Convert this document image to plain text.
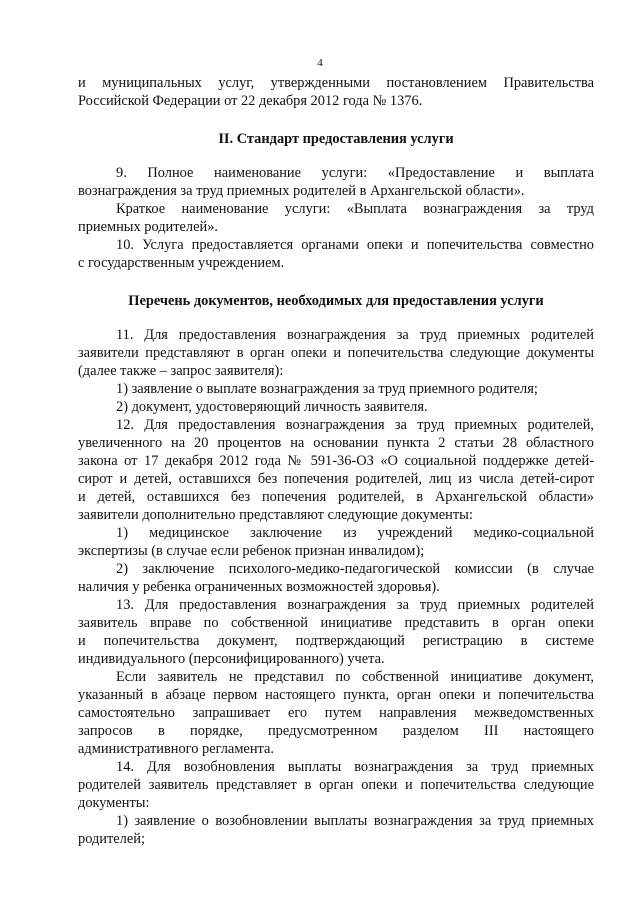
4
и муниципальных услуг, утвержденными постановлением Правительства
Российской Федерации от 22 декабря 2012 года № 1376.
II. Стандарт предоставления услуги
9. Полное наименование услуги: «Предоставление и выплата
вознаграждения за труд приемных родителей в Архангельской области».
Краткое наименование услуги: «Выплата вознаграждения за труд
приемных родителей».
10. Услуга предоставляется органами опеки и попечительства совместно
с государственным учреждением.
Перечень документов, необходимых для предоставления услуги
11. Для предоставления вознаграждения за труд приемных родителей
заявители представляют в орган опеки и попечительства следующие документы
(далее также – запрос заявителя):
1) заявление о выплате вознаграждения за труд приемного родителя;
2) документ, удостоверяющий личность заявителя.
12. Для предоставления вознаграждения за труд приемных родителей,
увеличенного на 20 процентов на основании пункта 2 статьи 28 областного
закона от 17 декабря 2012 года № 591-36-ОЗ «О социальной поддержке детей-
сирот и детей, оставшихся без попечения родителей, лиц из числа детей-сирот
и детей, оставшихся без попечения родителей, в Архангельской области»
заявители дополнительно представляют следующие документы:
1) медицинское заключение из учреждений медико-социальной
экспертизы (в случае если ребенок признан инвалидом);
2) заключение психолого-медико-педагогической комиссии (в случае
наличия у ребенка ограниченных возможностей здоровья).
13. Для предоставления вознаграждения за труд приемных родителей
заявитель вправе по собственной инициативе представить в орган опеки
и попечительства документ, подтверждающий регистрацию в системе
индивидуального (персонифицированного) учета.
Если заявитель не представил по собственной инициативе документ,
указанный в абзаце первом настоящего пункта, орган опеки и попечительства
самостоятельно запрашивает его путем направления межведомственных
запросов в порядке, предусмотренном разделом III настоящего
административного регламента.
14. Для возобновления выплаты вознаграждения за труд приемных
родителей заявитель представляет в орган опеки и попечительства следующие
документы:
1) заявление о возобновлении выплаты вознаграждения за труд приемных
родителей;
